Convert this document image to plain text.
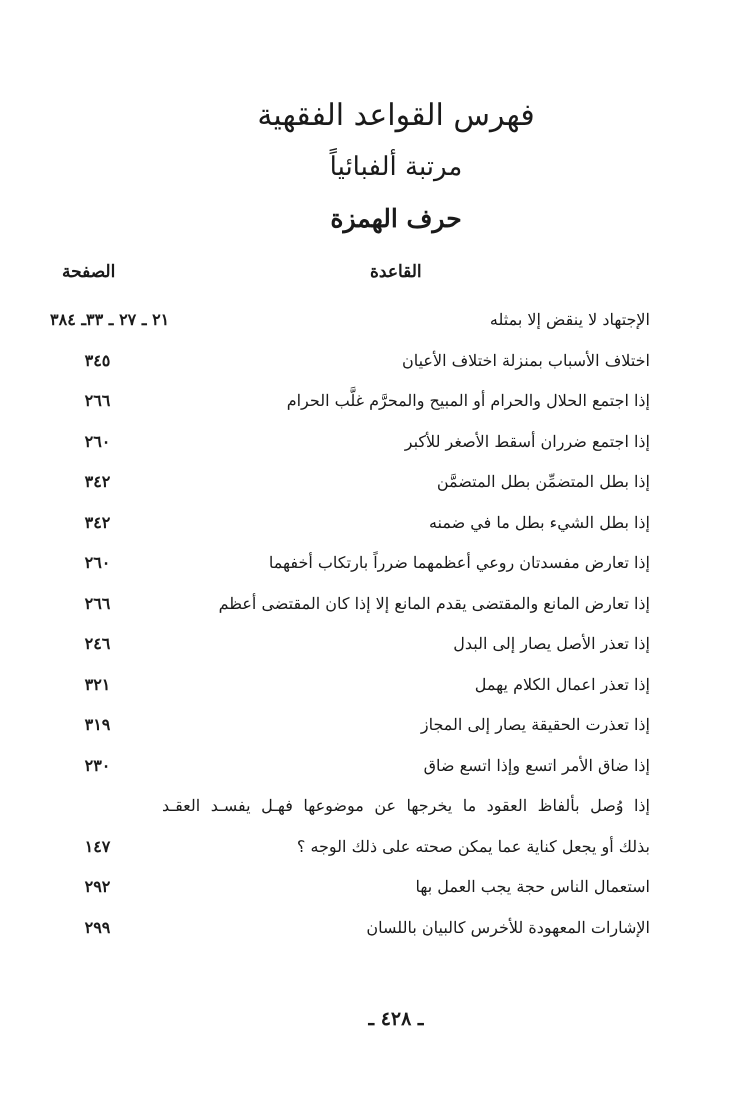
فهرس القواعد الفقهية
مرتبة ألفبائياً
حرف الهمزة
القاعدة
الصفحة
الإجتهاد لا ينقض إلا بمثله
٢١ ـ ٢٧ ـ ٣٣ـ ٣٨٤
اختلاف الأسباب بمنزلة اختلاف الأعيان
٣٤٥
إذا اجتمع الحلال والحرام أو المبيح والمحرَّم غلَّب الحرام
٢٦٦
إذا اجتمع ضرران أسقط الأصغر للأكبر
٢٦٠
إذا بطل المتضمِّن بطل المتضمَّن
٣٤٢
إذا بطل الشيء بطل ما في ضمنه
٣٤٢
إذا تعارض مفسدتان روعي أعظمهما ضرراً بارتكاب أخفهما
٢٦٠
إذا تعارض المانع والمقتضى يقدم المانع إلا إذا كان المقتضى أعظم
٢٦٦
إذا تعذر الأصل يصار إلى البدل
٢٤٦
إذا تعذر اعمال الكلام يهمل
٣٢١
إذا تعذرت الحقيقة يصار إلى المجاز
٣١٩
إذا ضاق الأمر اتسع وإذا اتسع ضاق
٢٣٠
إذا وُصل بألفاظ العقود ما يخرجها عن موضوعها فهـل يفسـد العقـد
بذلك أو يجعل كناية عما يمكن صحته على ذلك الوجه ؟
١٤٧
استعمال الناس حجة يجب العمل بها
٢٩٢
الإشارات المعهودة للأخرس كالبيان باللسان
٢٩٩
ـ ٤٢٨ ـ
